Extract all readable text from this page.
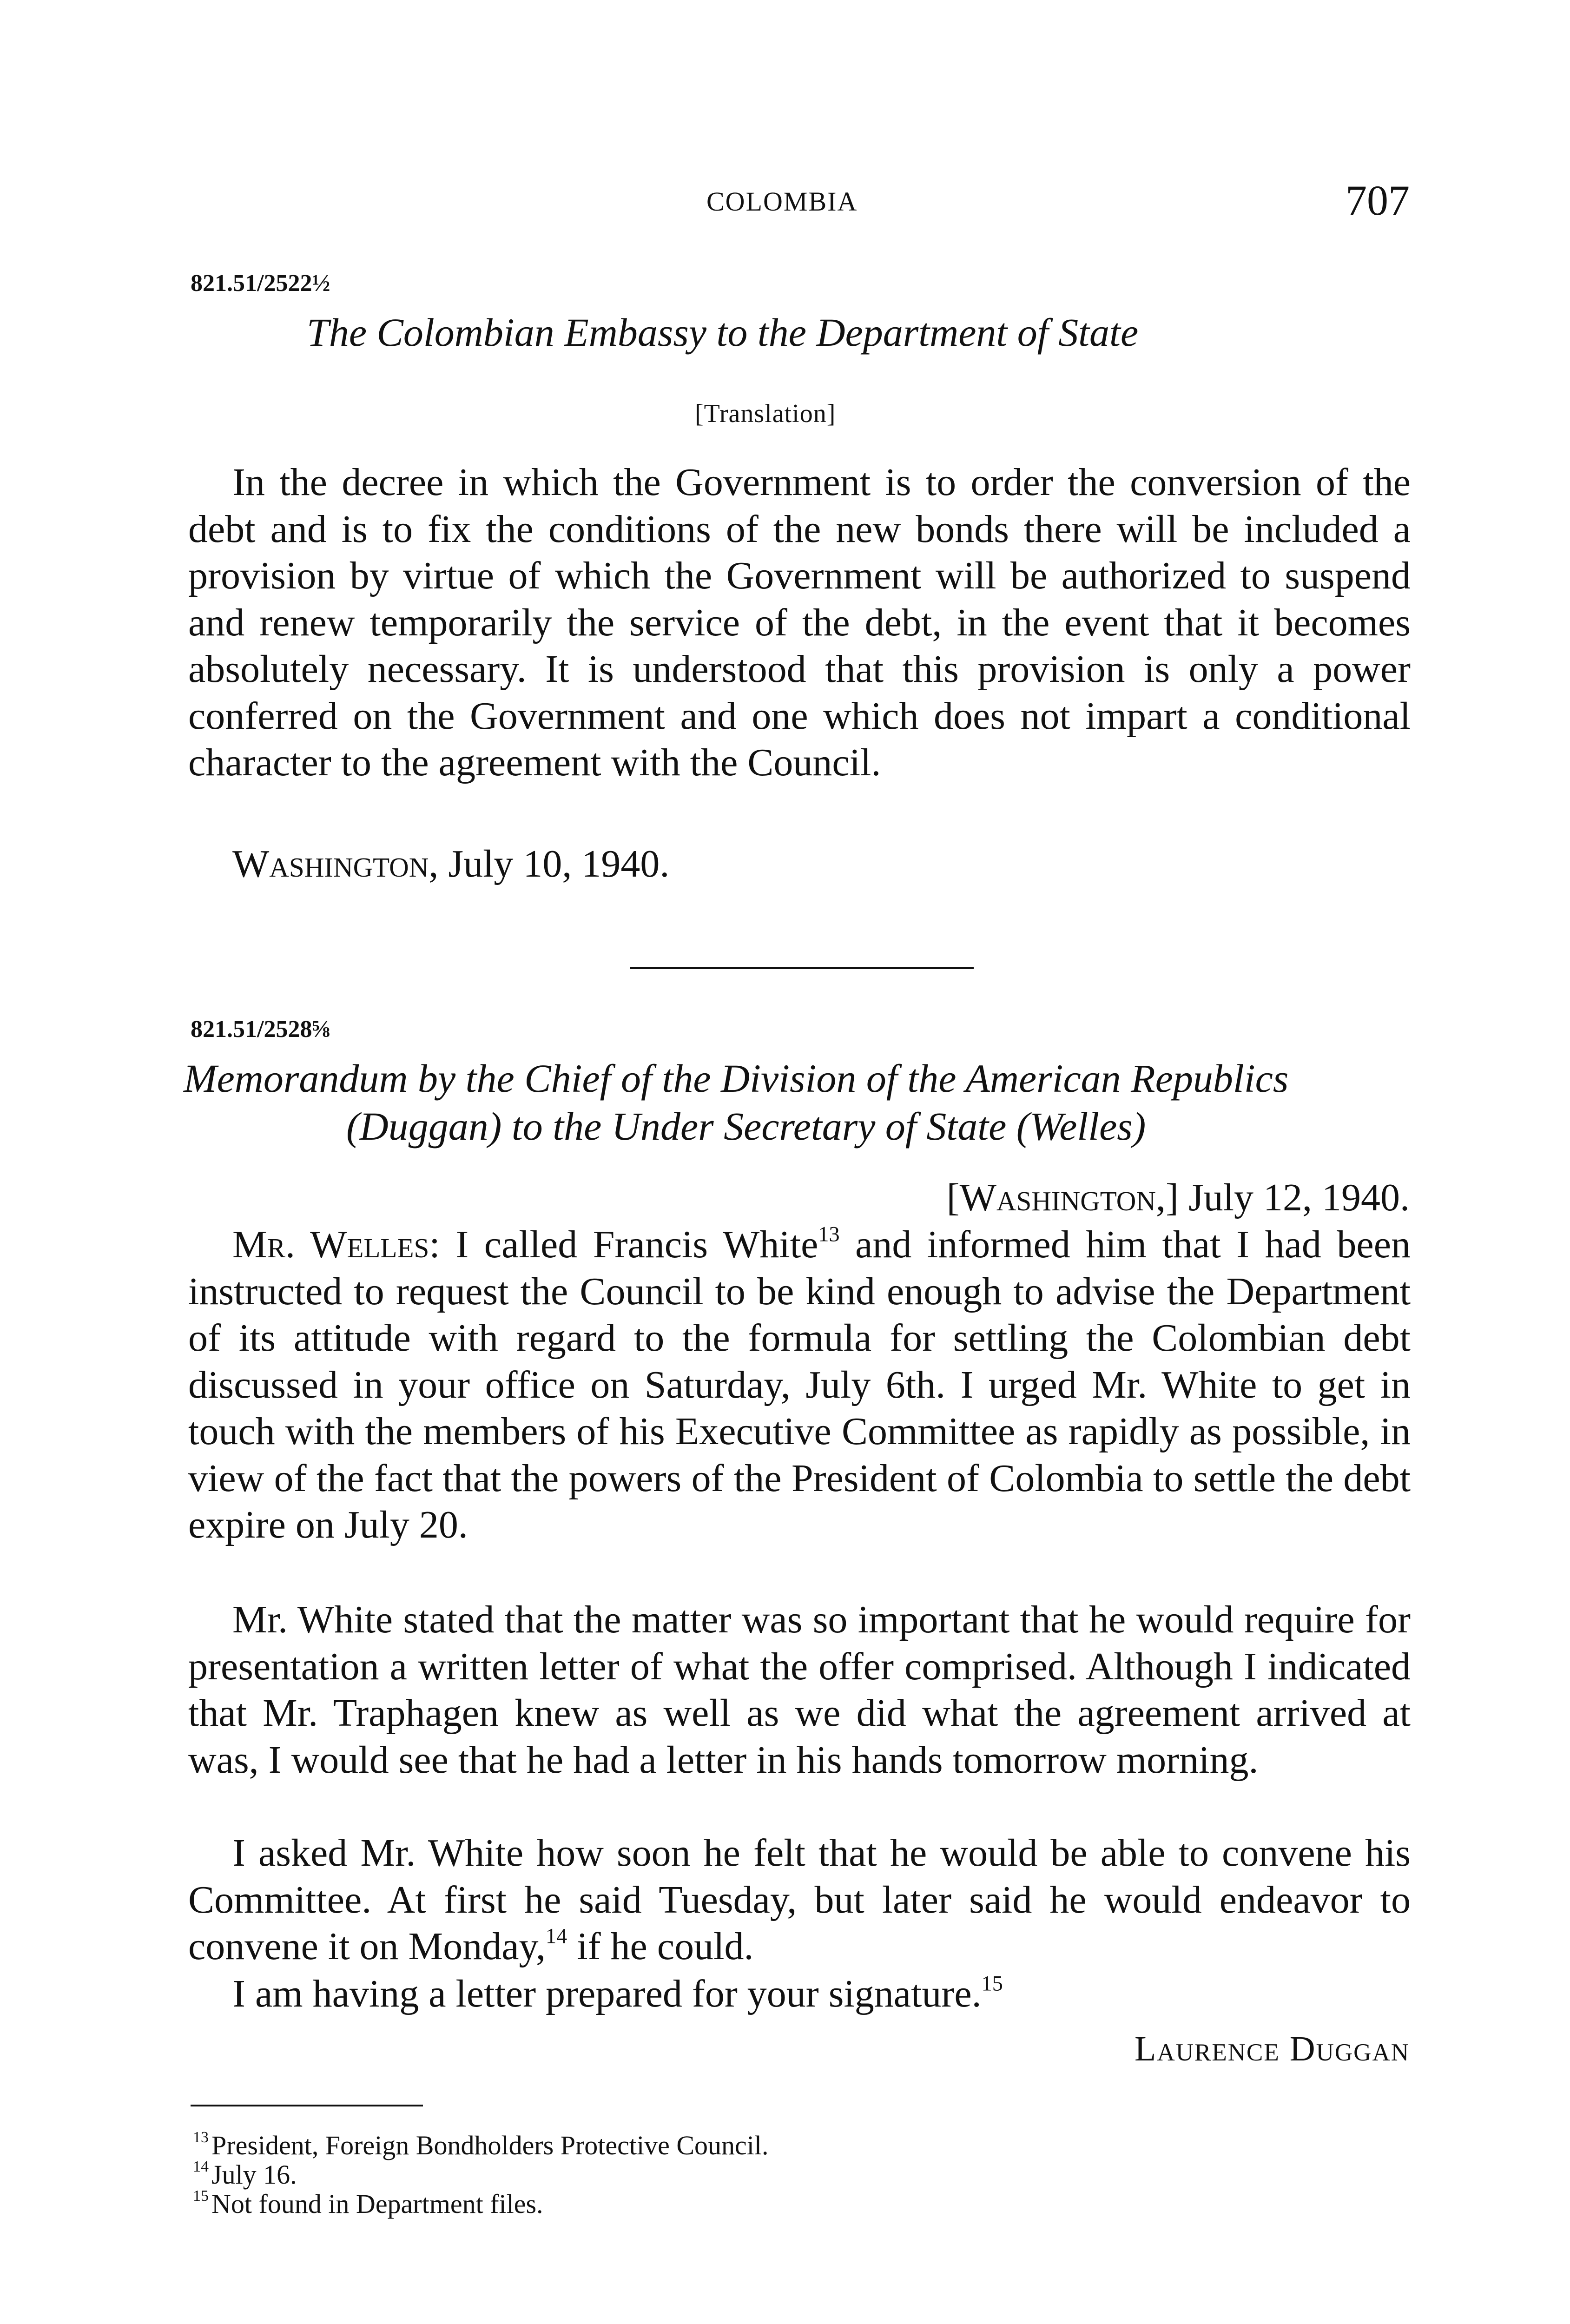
COLOMBIA	707
821.51/2522½
The Colombian Embassy to the Department of State
[Translation]

In the decree in which the Government is to order the conversion of the debt and is to fix the conditions of the new bonds there will be included a provision by virtue of which the Government will be authorized to suspend and renew temporarily the service of the debt, in the event that it becomes absolutely necessary. It is understood that this provision is only a power conferred on the Government and one which does not impart a conditional character to the agreement with the Council.

Washington, July 10, 1940.
821.51/2528⅝
Memorandum by the Chief of the Division of the American Republics
(Duggan) to the Under Secretary of State (Welles)
[Washington,] July 12, 1940.

Mr. Welles: I called Francis White$^{13}$ and informed him that I had been instructed to request the Council to be kind enough to advise the Department of its attitude with regard to the formula for settling the Colombian debt discussed in your office on Saturday, July 6th. I urged Mr. White to get in touch with the members of his Executive Committee as rapidly as possible, in view of the fact that the powers of the President of Colombia to settle the debt expire on July 20.

Mr. White stated that the matter was so important that he would require for presentation a written letter of what the offer comprised. Although I indicated that Mr. Traphagen knew as well as we did what the agreement arrived at was, I would see that he had a letter in his hands tomorrow morning.

I asked Mr. White how soon he felt that he would be able to convene his Committee. At first he said Tuesday, but later said he would endeavor to convene it on Monday,$^{14}$ if he could.

I am having a letter prepared for your signature.$^{15}$

Laurence Duggan
$^{13}$ President, Foreign Bondholders Protective Council.
$^{14}$ July 16.
$^{15}$ Not found in Department files.
